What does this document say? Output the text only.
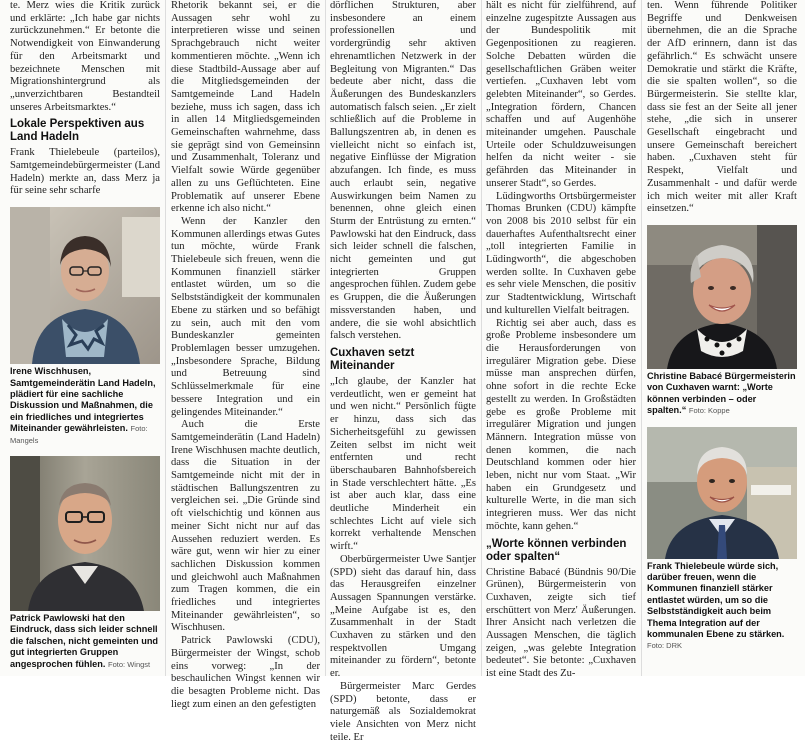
te. Merz wies die Kritik zurück und erklärte: „Ich habe gar nichts zurückzunehmen.“ Er betonte die Notwendigkeit von Einwanderung für den Arbeitsmarkt und bezeichnete Menschen mit Migrationshintergrund als „unverzichtbaren Bestandteil unseres Arbeitsmarktes.“

Lokale Perspektiven aus Land Hadeln

Frank Thielebeule (parteilos), Samtgemeindebürgermeister (Land Hadeln) merkte an, dass Merz ja für seine sehr scharfe

Irene Wischhusen, Samtgemeinderätin Land Hadeln, plädiert für eine sachliche Diskussion und Maßnahmen, die ein friedliches und integriertes Miteinander gewährleisten. Foto: Mangels
Patrick Pawlowski hat den Eindruck, dass sich leider schnell die falschen, nicht gemeinten und gut integrierten Gruppen angesprochen fühlen. Foto: Wingst

Rhetorik bekannt sei, er die Aussagen sehr wohl zu interpretieren wisse und seinen Sprachgebrauch nicht weiter kommentieren möchte. „Wenn ich diese Stadtbild-Aussage aber auf die Mitgliedsgemeinden der Samtgemeinde Land Hadeln beziehe, muss ich sagen, dass ich in allen 14 Mitgliedsgemeinden Gemeinschaften wahrnehme, dass sie geprägt sind von Gemeinsinn und Zusammenhalt, Toleranz und Vielfalt sowie Würde gegenüber allen zu uns Geflüchteten. Eine Problematik auf unserer Ebene erkenne ich also nicht.“

Wenn der Kanzler den Kommunen allerdings etwas Gutes tun möchte, würde Frank Thielebeule sich freuen, wenn die Kommunen finanziell stärker entlastet würden, um so die Selbstständigkeit der kommunalen Ebene zu stärken und so befähigt zu sein, auch mit den vom Bundeskanzler gemeinten Problemlagen besser umzugehen. „Insbesondere Sprache, Bildung und Betreuung sind Schlüsselmerkmale für eine bessere Integration und ein gelingendes Miteinander.“

Auch die Erste Samtgemeinderätin (Land Hadeln) Irene Wischhusen machte deutlich, dass die Situation in der Samtgemeinde nicht mit der in städtischen Ballungszentren zu vergleichen sei. „Die Gründe sind oft vielschichtig und können aus meiner Sicht nicht nur auf das Aussehen reduziert werden. Es wäre gut, wenn wir hier zu einer sachlichen Diskussion kommen und gleichwohl auch Maßnahmen zum Tragen kommen, die ein friedliches und integriertes Miteinander gewährleisten“, so Wischhusen.

Patrick Pawlowski (CDU), Bürgermeister der Wingst, schob eins vorweg: „In der beschaulichen Wingst kennen wir die besagten Probleme nicht. Das liegt zum einen an den gefestigten

dörflichen Strukturen, aber insbesondere an einem professionellen und vordergründig sehr aktiven ehrenamtlichen Netzwerk in der Begleitung von Migranten.“ Das bedeute aber nicht, dass die Äußerungen des Bundeskanzlers automatisch falsch seien. „Er zielt schließlich auf die Probleme in Ballungszentren ab, in denen es vielleicht nicht so einfach ist, negative Einflüsse der Migration abzufangen. Ich finde, es muss auch erlaubt sein, negative Auswirkungen beim Namen zu benennen, ohne gleich einen Sturm der Entrüstung zu ernten.“ Pawlowski hat den Eindruck, dass sich leider schnell die falschen, nicht gemeinten und gut integrierten Gruppen angesprochen fühlen. Zudem gebe es Gruppen, die die Äußerungen missverstanden haben, und andere, die sie wohl absichtlich falsch verstehen.

Cuxhaven setzt Miteinander

„Ich glaube, der Kanzler hat verdeutlicht, wen er gemeint hat und wen nicht.“ Persönlich fügte er hinzu, dass sich das Sicherheitsgefühl zu gewissen Zeiten selbst im nicht weit entfernten und recht überschaubaren Bahnhofsbereich in Stade verschlechtert hätte. „Es ist aber auch klar, dass eine deutliche Minderheit ein schlechtes Licht auf viele sich korrekt verhaltende Menschen wirft.“

Oberbürgermeister Uwe Santjer (SPD) sieht das darauf hin, dass das Herausgreifen einzelner Aussagen Spannungen verstärke. „Meine Aufgabe ist es, den Zusammenhalt in der Stadt Cuxhaven zu stärken und den respektvollen Umgang miteinander zu fördern“, betonte er.

Bürgermeister Marc Gerdes (SPD) betonte, dass er naturgemäß als Sozialdemokrat viele Ansichten von Merz nicht teile. Er

hält es nicht für zielführend, auf einzelne zugespitzte Aussagen aus der Bundespolitik mit Gegenpositionen zu reagieren. Solche Debatten würden die gesellschaftlichen Gräben weiter vertiefen. „Cuxhaven lebt vom gelebten Miteinander“, so Gerdes. „Integration fördern, Chancen schaffen und auf Augenhöhe miteinander umgehen. Pauschale Urteile oder Schuldzuweisungen helfen da nicht weiter - sie gefährden das Miteinander in unserer Stadt“, so Gerdes.

Lüdingworths Ortsbürgermeister Thomas Brunken (CDU) kämpfte von 2008 bis 2010 selbst für ein dauerhaftes Aufenthaltsrecht einer „toll integrierten Familie in Lüdingworth“, die abgeschoben werden sollte. In Cuxhaven gebe es sehr viele Menschen, die positiv zur Stadtentwicklung, Wirtschaft und kulturellen Vielfalt beitragen.

Richtig sei aber auch, dass es große Probleme insbesondere um die Herausforderungen von irregulärer Migration gebe. Diese müsse man ansprechen dürfen, ohne sofort in die rechte Ecke gestellt zu werden. In Großstädten gebe es große Probleme mit irregulärer Migration und jungen Männern. Integration müsse von denen kommen, die nach Deutschland kommen oder hier leben, nicht nur vom Staat. „Wir haben ein Grundgesetz und kulturelle Werte, in die man sich integrieren muss. Wer das nicht möchte, kann gehen.“

„Worte können verbinden oder spalten“

Christine Babacé (Bündnis 90/Die Grünen), Bürgermeisterin von Cuxhaven, zeigte sich tief erschüttert von Merz' Äußerungen. Ihrer Ansicht nach verletzen die Aussagen Menschen, die täglich zeigen, „was gelebte Integration bedeutet“. Sie betonte: „Cuxhaven ist eine Stadt des Zu-

ten. Wenn führende Politiker Begriffe und Denkweisen übernehmen, die an die Sprache der AfD erinnern, dann ist das gefährlich.“ Es schwächt unsere Demokratie und stärkt die Kräfte, die sie spalten wollen“, so die Bürgermeisterin. Sie stellte klar, dass sie fest an der Seite all jener stehe, „die sich in unserer Gesellschaft eingebracht und unsere Gemeinschaft bereichert haben. „Cuxhaven steht für Respekt, Vielfalt und Zusammenhalt - und dafür werde ich mich weiter mit aller Kraft einsetzen.“

Christine Babacé Bürgermeisterin von Cuxhaven warnt: „Worte können verbinden – oder spalten.“ Foto: Koppe
Frank Thielebeule würde sich, darüber freuen, wenn die Kommunen finanziell stärker entlastet würden, um so die Selbstständigkeit auch beim Thema Integration auf der kommunalen Ebene zu stärken. Foto: DRK
